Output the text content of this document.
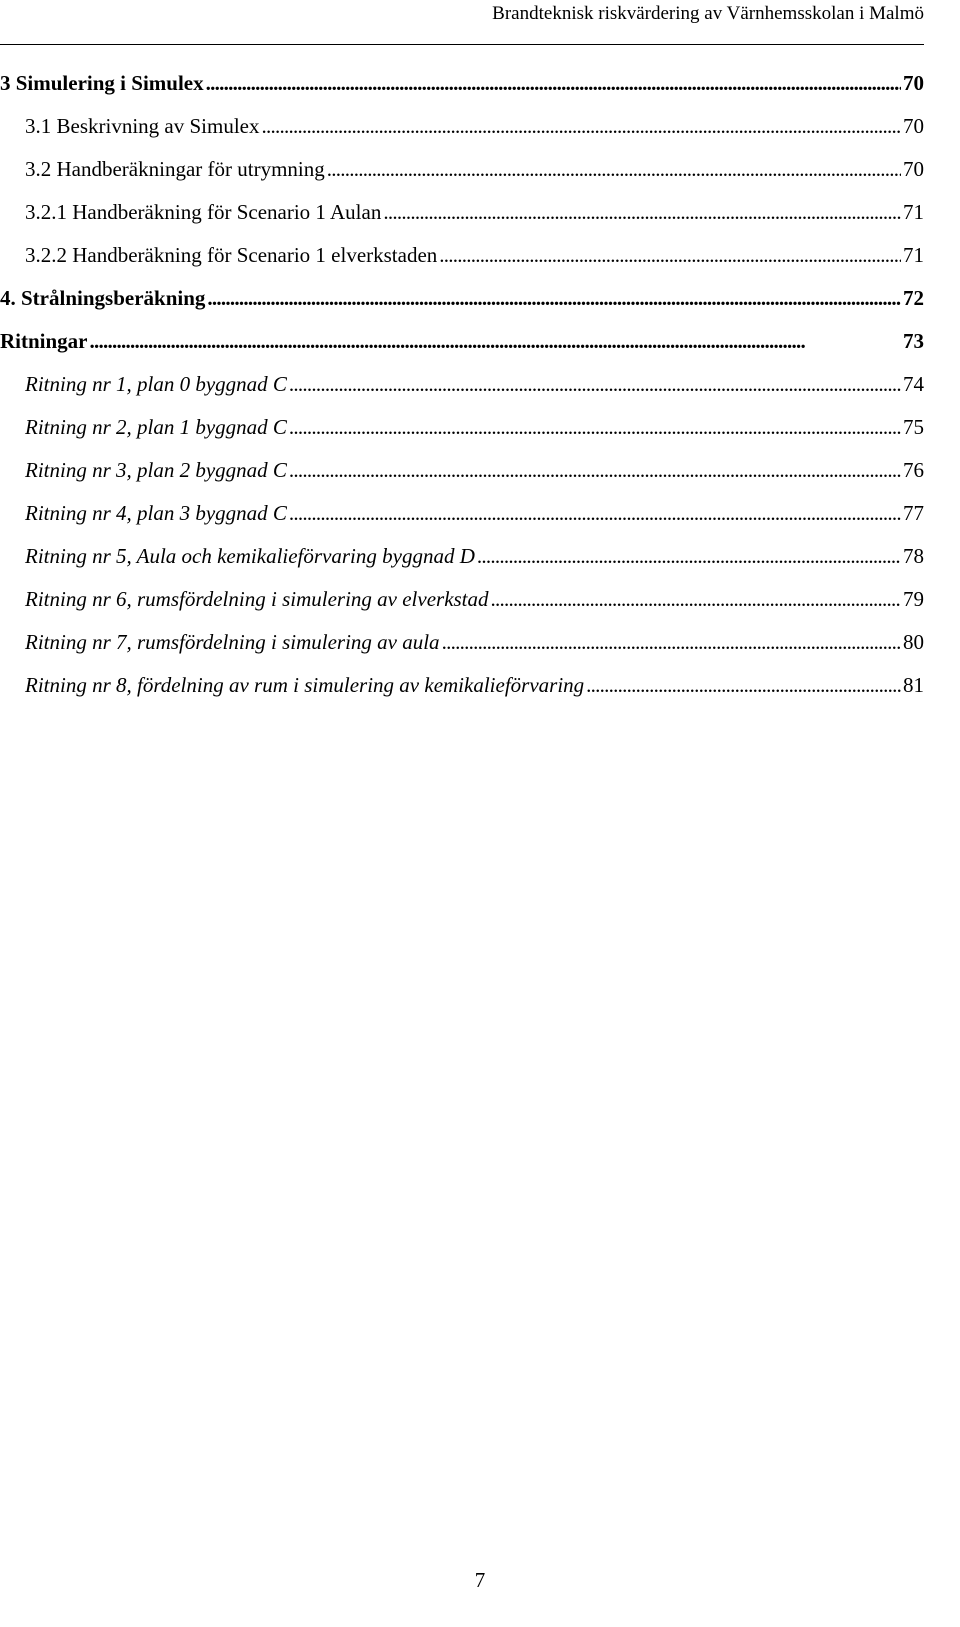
Brandteknisk riskvärdering av Värnhemsskolan i Malmö
3 Simulering i Simulex . . .	70
3.1 Beskrivning av Simulex . . .	70
3.2 Handberäkningar för utrymning . . .	70
3.2.1 Handberäkning för Scenario 1 Aulan . . .	71
3.2.2 Handberäkning för Scenario 1 elverkstaden . . .	71
4. Strålningsberäkning . . .	72
Ritningar . . .	73
Ritning nr 1, plan 0 byggnad C . . .	74
Ritning nr 2, plan 1 byggnad C . . .	75
Ritning nr 3, plan 2 byggnad C . . .	76
Ritning nr 4, plan 3 byggnad C . . .	77
Ritning nr 5, Aula och kemikalieförvaring byggnad D . . .	78
Ritning nr 6, rumsfördelning i simulering av elverkstad . . .	79
Ritning nr 7, rumsfördelning i simulering av aula . . .	80
Ritning nr 8, fördelning av rum i simulering av kemikalieförvaring . . .	81
7
